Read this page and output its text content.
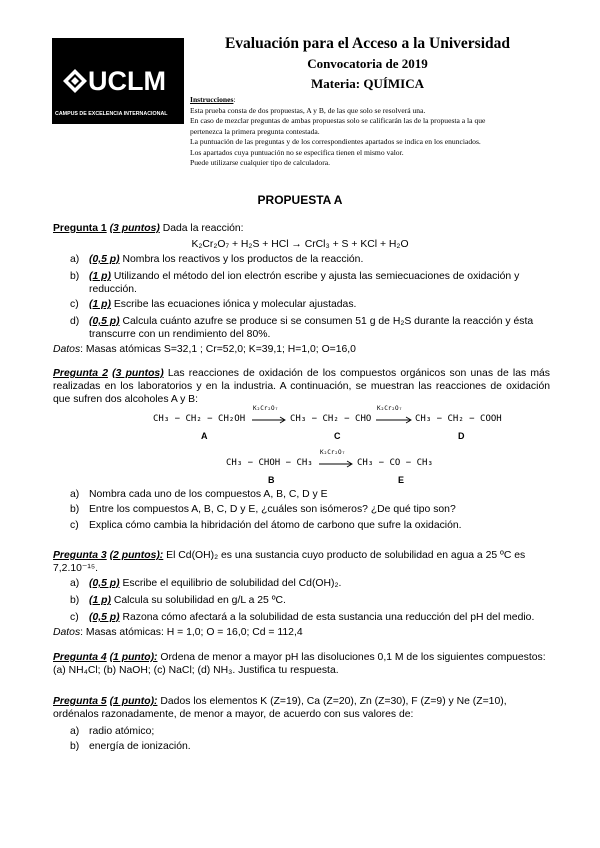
UCLM
CAMPUS DE EXCELENCIA INTERNACIONAL
Evaluación para el Acceso a la Universidad
Convocatoria de 2019
Materia: QUÍMICA
Instrucciones:
Esta prueba consta de dos propuestas, A y B, de las que solo se resolverá una.
En caso de mezclar preguntas de ambas propuestas solo se calificarán las de la propuesta a la que
pertenezca la primera pregunta contestada.
La puntuación de las preguntas y de los correspondientes apartados se indica en los enunciados.
Los apartados cuya puntuación no se especifica tienen el mismo valor.
Puede utilizarse cualquier tipo de calculadora.
PROPUESTA A
Pregunta 1 (3 puntos) Dada la reacción:
K₂Cr₂O₇ + H₂S + HCl → CrCl₃ + S + KCl + H₂O
a) (0,5 p) Nombra los reactivos y los productos de la reacción.
b) (1 p) Utilizando el método del ion electrón escribe y ajusta las semiecuaciones de oxidación y reducción.
c) (1 p) Escribe las ecuaciones iónica y molecular ajustadas.
d) (0,5 p) Calcula cuánto azufre se produce si se consumen 51 g de H₂S durante la reacción y ésta transcurre con un rendimiento del 80%.
Datos: Masas atómicas S=32,1 ; Cr=52,0; K=39,1; H=1,0; O=16,0
Pregunta 2 (3 puntos) Las reacciones de oxidación de los compuestos orgánicos son unas de las más realizadas en los laboratorios y en la industria. A continuación, se muestran las reacciones de oxidación que sufren dos alcoholes A y B:
CH₃ − CH₂ − CH₂OH
K₂Cr₂O₇
→ CH₃ − CH₂ − CHO
K₂Cr₂O₇
→ CH₃ − CH₂ − COOH
A	C	D
CH₃ − CHOH − CH₃
K₂Cr₂O₇
→ CH₃ − CO − CH₃
B	E
a) Nombra cada uno de los compuestos A, B, C, D y E
b) Entre los compuestos A, B, C, D y E, ¿cuáles son isómeros? ¿De qué tipo son?
c) Explica cómo cambia la hibridación del átomo de carbono que sufre la oxidación.
Pregunta 3 (2 puntos): El Cd(OH)₂ es una sustancia cuyo producto de solubilidad en agua a 25 ºC es
7,2.10⁻¹⁵.
a) (0,5 p) Escribe el equilibrio de solubilidad del Cd(OH)₂.
b) (1 p) Calcula su solubilidad en g/L a 25 ºC.
c) (0,5 p) Razona cómo afectará a la solubilidad de esta sustancia una reducción del pH del medio.
Datos: Masas atómicas: H = 1,0; O = 16,0; Cd = 112,4
Pregunta 4 (1 punto): Ordena de menor a mayor pH las disoluciones 0,1 M de los siguientes compuestos:
(a) NH₄Cl; (b) NaOH; (c) NaCl; (d) NH₃. Justifica tu respuesta.
Pregunta 5 (1 punto): Dados los elementos K (Z=19), Ca (Z=20), Zn (Z=30), F (Z=9) y Ne (Z=10),
ordénalos razonadamente, de menor a mayor, de acuerdo con sus valores de:
a) radio atómico;
b) energía de ionización.
